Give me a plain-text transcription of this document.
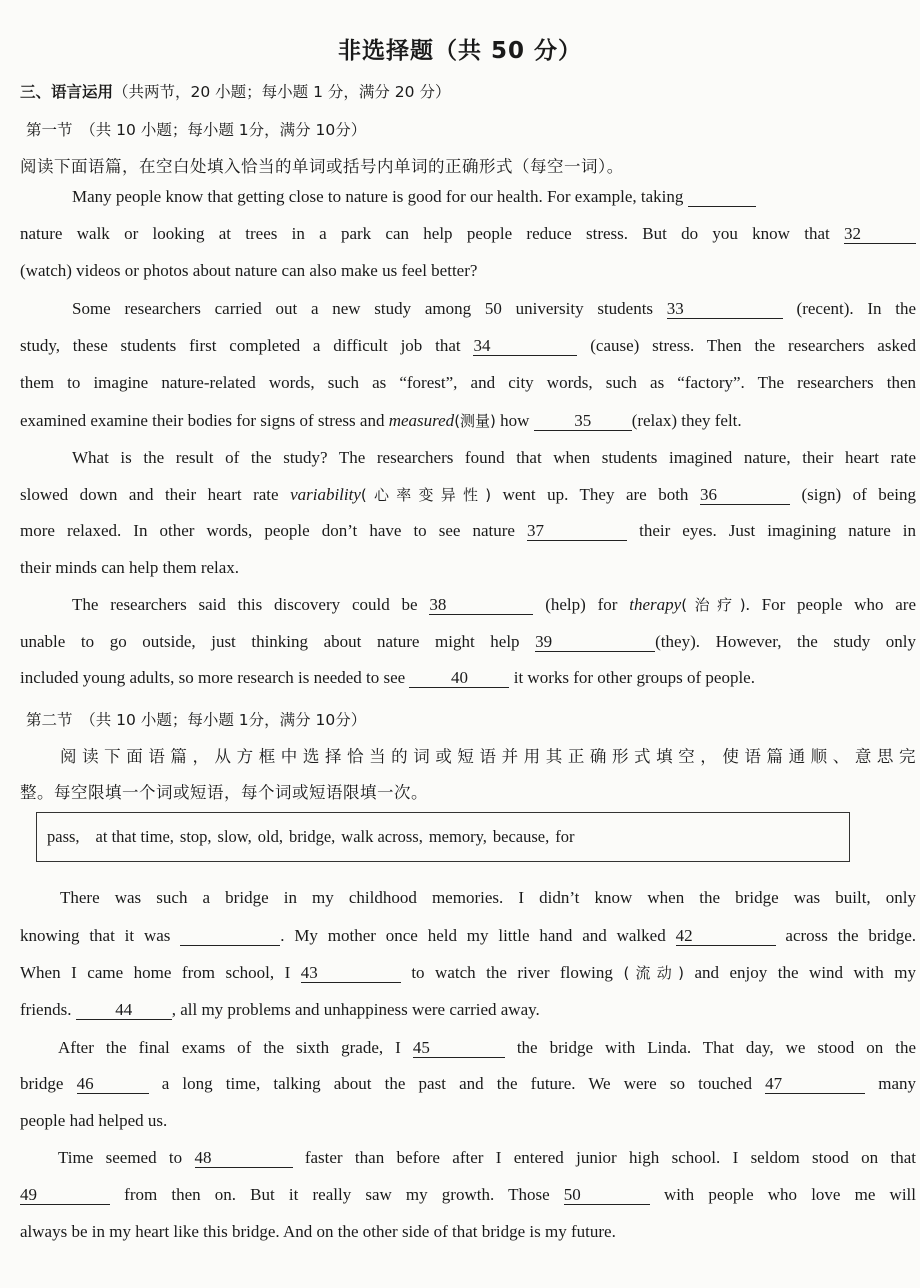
非选择题（共 50 分）
三、语言运用（共两节，20 小题；每小题 1 分，满分 20 分）
第一节　（共 10 小题；每小题 1分，满分 10分）
阅读下面语篇，在空白处填入恰当的单词或括号内单词的正确形式（每空一词）。
Many people know that getting close to nature is good for our health. For example, taking
nature walk or looking at trees in a park can help people reduce stress. But do you know that 32
(watch) videos or photos about nature can also make us feel better?
Some researchers carried out a new study among 50 university students 33	(recent). In the
study, these students first completed a difficult job that 34	(cause) stress. Then the researchers asked
them to imagine nature-related words, such as “forest”, and city words, such as “factory”. The researchers then
examined examine their bodies for signs of stress and measured(测量) how	35 (relax) they felt.
What is the result of the study? The researchers found that when students imagined nature, their heart rate
slowed down and their heart rate variability(心率变异性) went up. They are both 36	(sign) of being
more relaxed. In other words, people don’t have to see nature 37	their eyes. Just imagining nature in
their minds can help them relax.
The researchers said this discovery could be 38	(help) for therapy(治疗). For people who are
unable to go outside, just thinking about nature might help 39	(they). However, the study only
included young adults, so more research is needed to see	40	it works for other groups of people.
第二节　（共 10 小题；每小题 1分，满分 10分）
阅读下面语篇，从方框中选择恰当的词或短语并用其正确形式填空，使语篇通顺、意思完
整。每空限填一个词或短语，每个词或短语限填一次。
pass, at that time, stop, slow, old, bridge, walk across, memory, because, for
There was such a bridge in my childhood memories. I didn’t know when the bridge was built, only
knowing that it was	. My mother once held my little hand and walked 42	across the bridge.
When I came home from school, I 43	to watch the river flowing (流动) and enjoy the wind with my
friends.	44 , all my problems and unhappiness were carried away.
After the final exams of the sixth grade, I 45	the bridge with Linda. That day, we stood on the
bridge 46	a long time, talking about the past and the future. We were so touched 47	many
people had helped us.
Time seemed to 48	faster than before after I entered junior high school. I seldom stood on that
49	from then on. But it really saw my growth. Those 50	with people who love me will
always be in my heart like this bridge. And on the other side of that bridge is my future.
